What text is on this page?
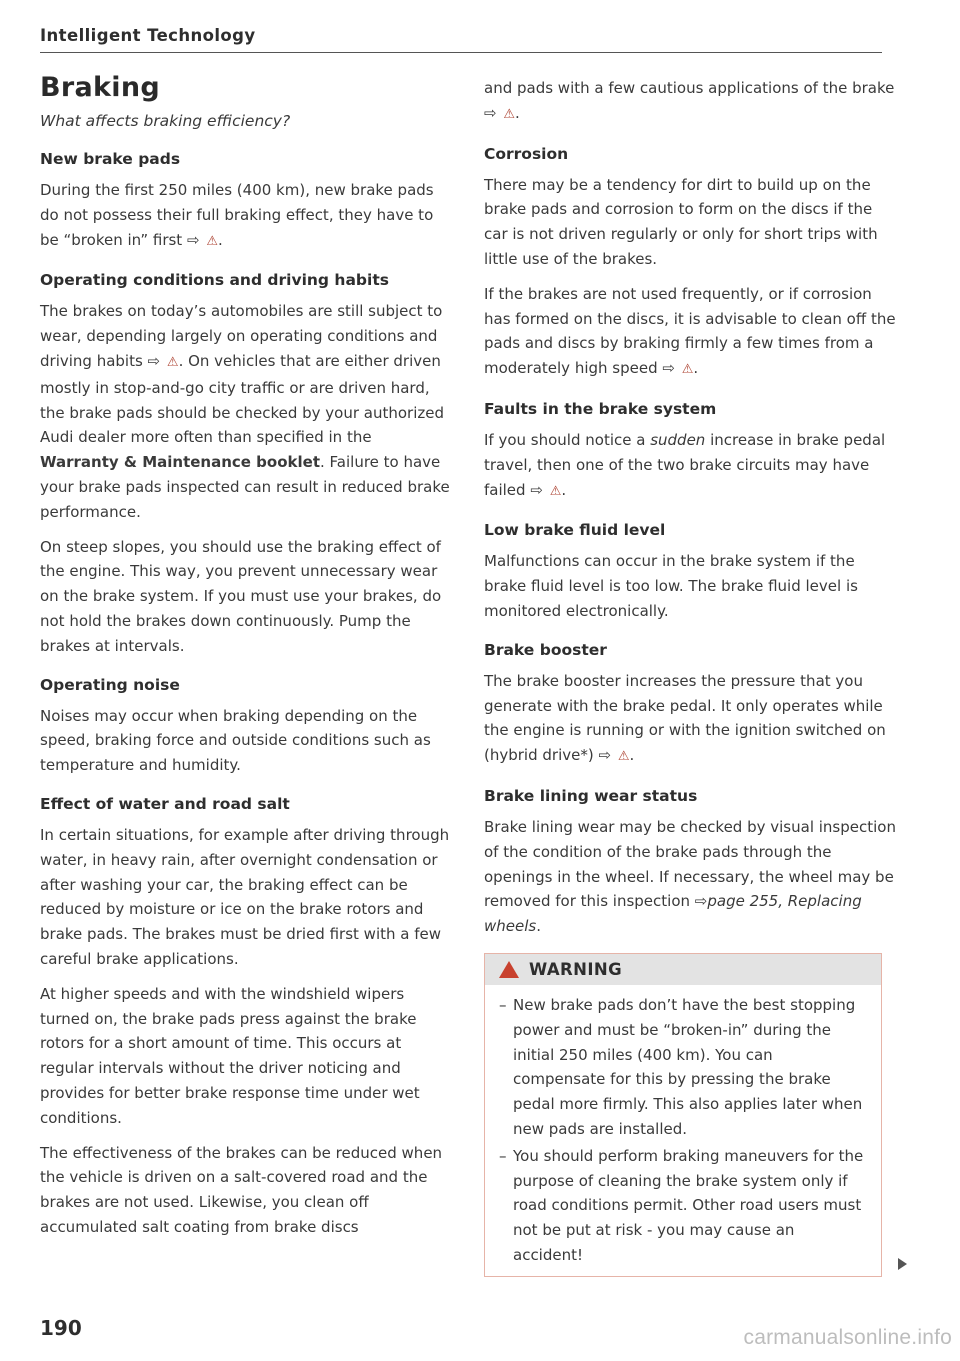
Intelligent Technology
Braking
What affects braking efficiency?
New brake pads

During the first 250 miles (400 km), new brake pads do not possess their full braking effect, they have to be “broken in” first ⇨ ⚠.

Operating conditions and driving habits

The brakes on today’s automobiles are still subject to wear, depending largely on operating conditions and driving habits ⇨ ⚠. On vehicles that are either driven mostly in stop-and-go city traffic or are driven hard, the brake pads should be checked by your authorized Audi dealer more often than specified in the Warranty & Maintenance booklet. Failure to have your brake pads inspected can result in reduced brake performance.

On steep slopes, you should use the braking effect of the engine. This way, you prevent unnecessary wear on the brake system. If you must use your brakes, do not hold the brakes down continuously. Pump the brakes at intervals.

Operating noise

Noises may occur when braking depending on the speed, braking force and outside conditions such as temperature and humidity.

Effect of water and road salt

In certain situations, for example after driving through water, in heavy rain, after overnight condensation or after washing your car, the braking effect can be reduced by moisture or ice on the brake rotors and brake pads. The brakes must be dried first with a few careful brake applications.

At higher speeds and with the windshield wipers turned on, the brake pads press against the brake rotors for a short amount of time. This occurs at regular intervals without the driver noticing and provides for better brake response time under wet conditions.

The effectiveness of the brakes can be reduced when the vehicle is driven on a salt-covered road and the brakes are not used. Likewise, you clean off accumulated salt coating from brake discs

and pads with a few cautious applications of the brake ⇨ ⚠.

Corrosion

There may be a tendency for dirt to build up on the brake pads and corrosion to form on the discs if the car is not driven regularly or only for short trips with little use of the brakes.

If the brakes are not used frequently, or if corrosion has formed on the discs, it is advisable to clean off the pads and discs by braking firmly a few times from a moderately high speed ⇨ ⚠.

Faults in the brake system

If you should notice a sudden increase in brake pedal travel, then one of the two brake circuits may have failed ⇨ ⚠.

Low brake fluid level

Malfunctions can occur in the brake system if the brake fluid level is too low. The brake fluid level is monitored electronically.

Brake booster

The brake booster increases the pressure that you generate with the brake pedal. It only operates while the engine is running or with the ignition switched on (hybrid drive*) ⇨ ⚠.

Brake lining wear status

Brake lining wear may be checked by visual inspection of the condition of the brake pads through the openings in the wheel. If necessary, the wheel may be removed for this inspection ⇨page 255, Replacing wheels.

WARNING
– New brake pads don’t have the best stopping power and must be “broken-in” during the initial 250 miles (400 km). You can compensate for this by pressing the brake pedal more firmly. This also applies later when new pads are installed.
– You should perform braking maneuvers for the purpose of cleaning the brake system only if road conditions permit. Other road users must not be put at risk - you may cause an accident!
190	carmanualsonline.info
